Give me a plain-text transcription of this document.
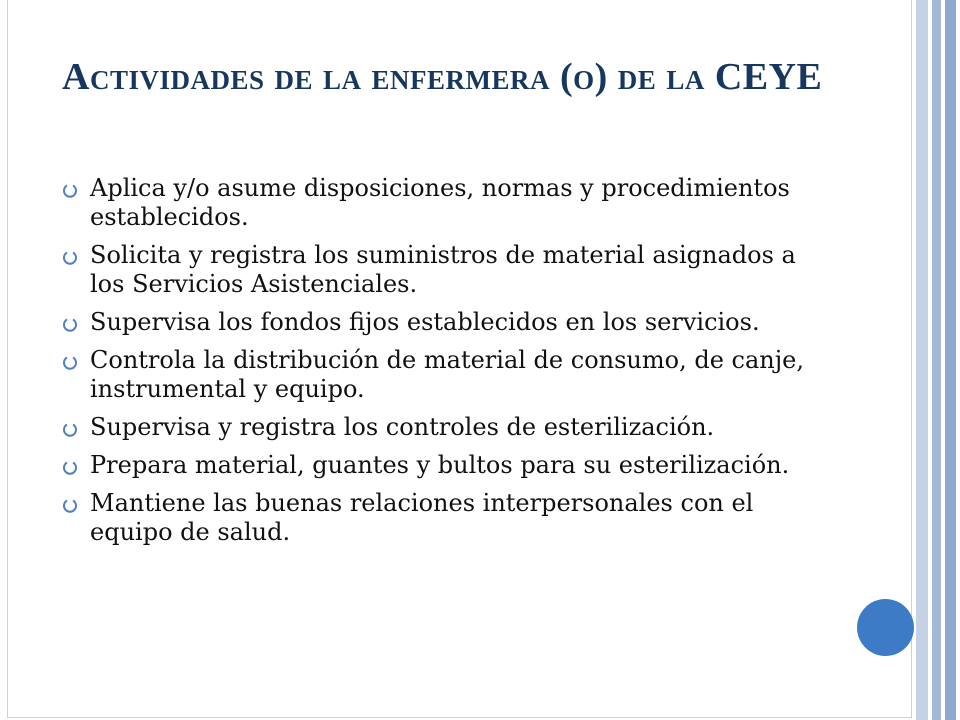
Actividades de la enfermera (o) de la CEYE
Aplica y/o asume disposiciones, normas y procedimientos establecidos.
Solicita y registra los suministros de material asignados a los Servicios Asistenciales.
Supervisa los fondos fijos establecidos en los servicios.
Controla la distribución de material de consumo, de canje, instrumental y equipo.
Supervisa y registra los controles de esterilización.
Prepara material, guantes y bultos para su esterilización.
Mantiene las buenas relaciones interpersonales con el equipo de salud.
